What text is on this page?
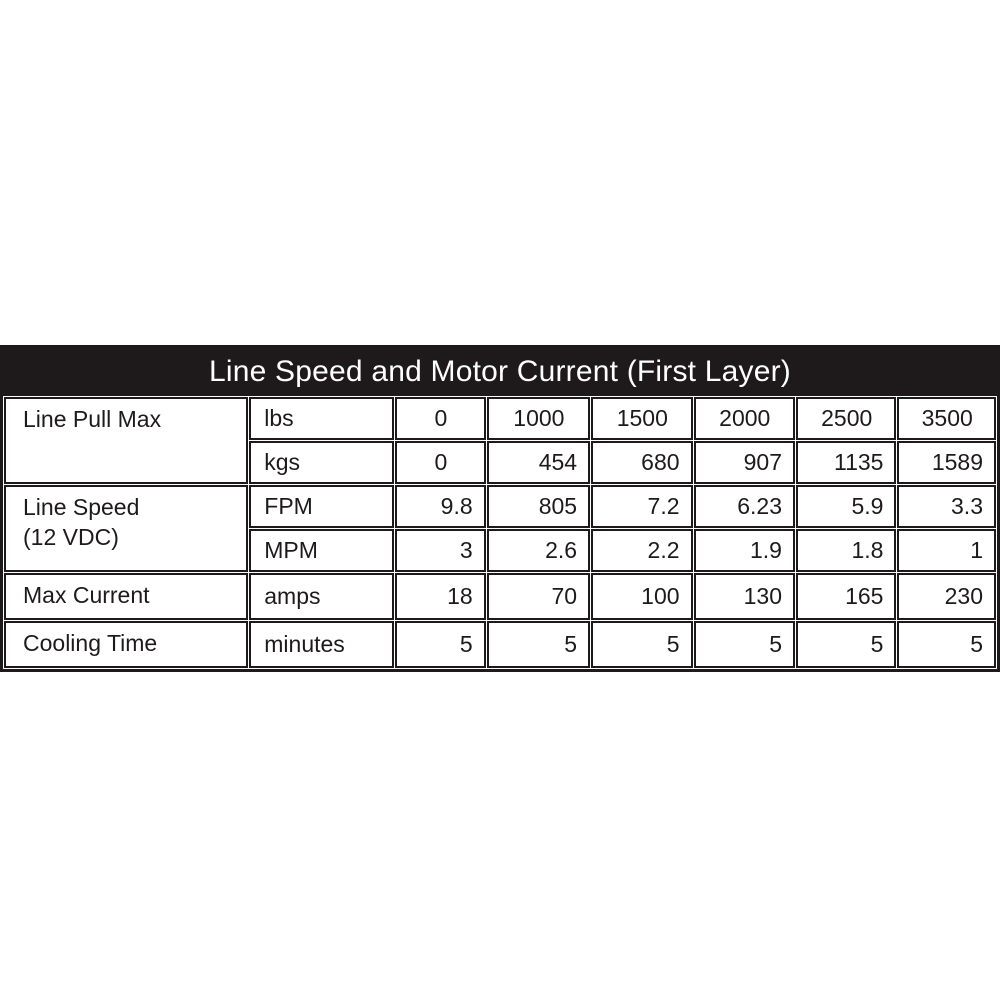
Line Speed and Motor Current (First Layer)
Line Pull Max	lbs	0	1000	1500	2000	2500	3500
	kgs	0	454	680	907	1135	1589

Line Speed
(12 VDC)	FPM	9.8	805	7.2	6.23	5.9	3.3
	MPM	3	2.6	2.2	1.9	1.8	1
Max Current	amps	18	70	100	130	165	230
Cooling Time	minutes	5	5	5	5	5	5
